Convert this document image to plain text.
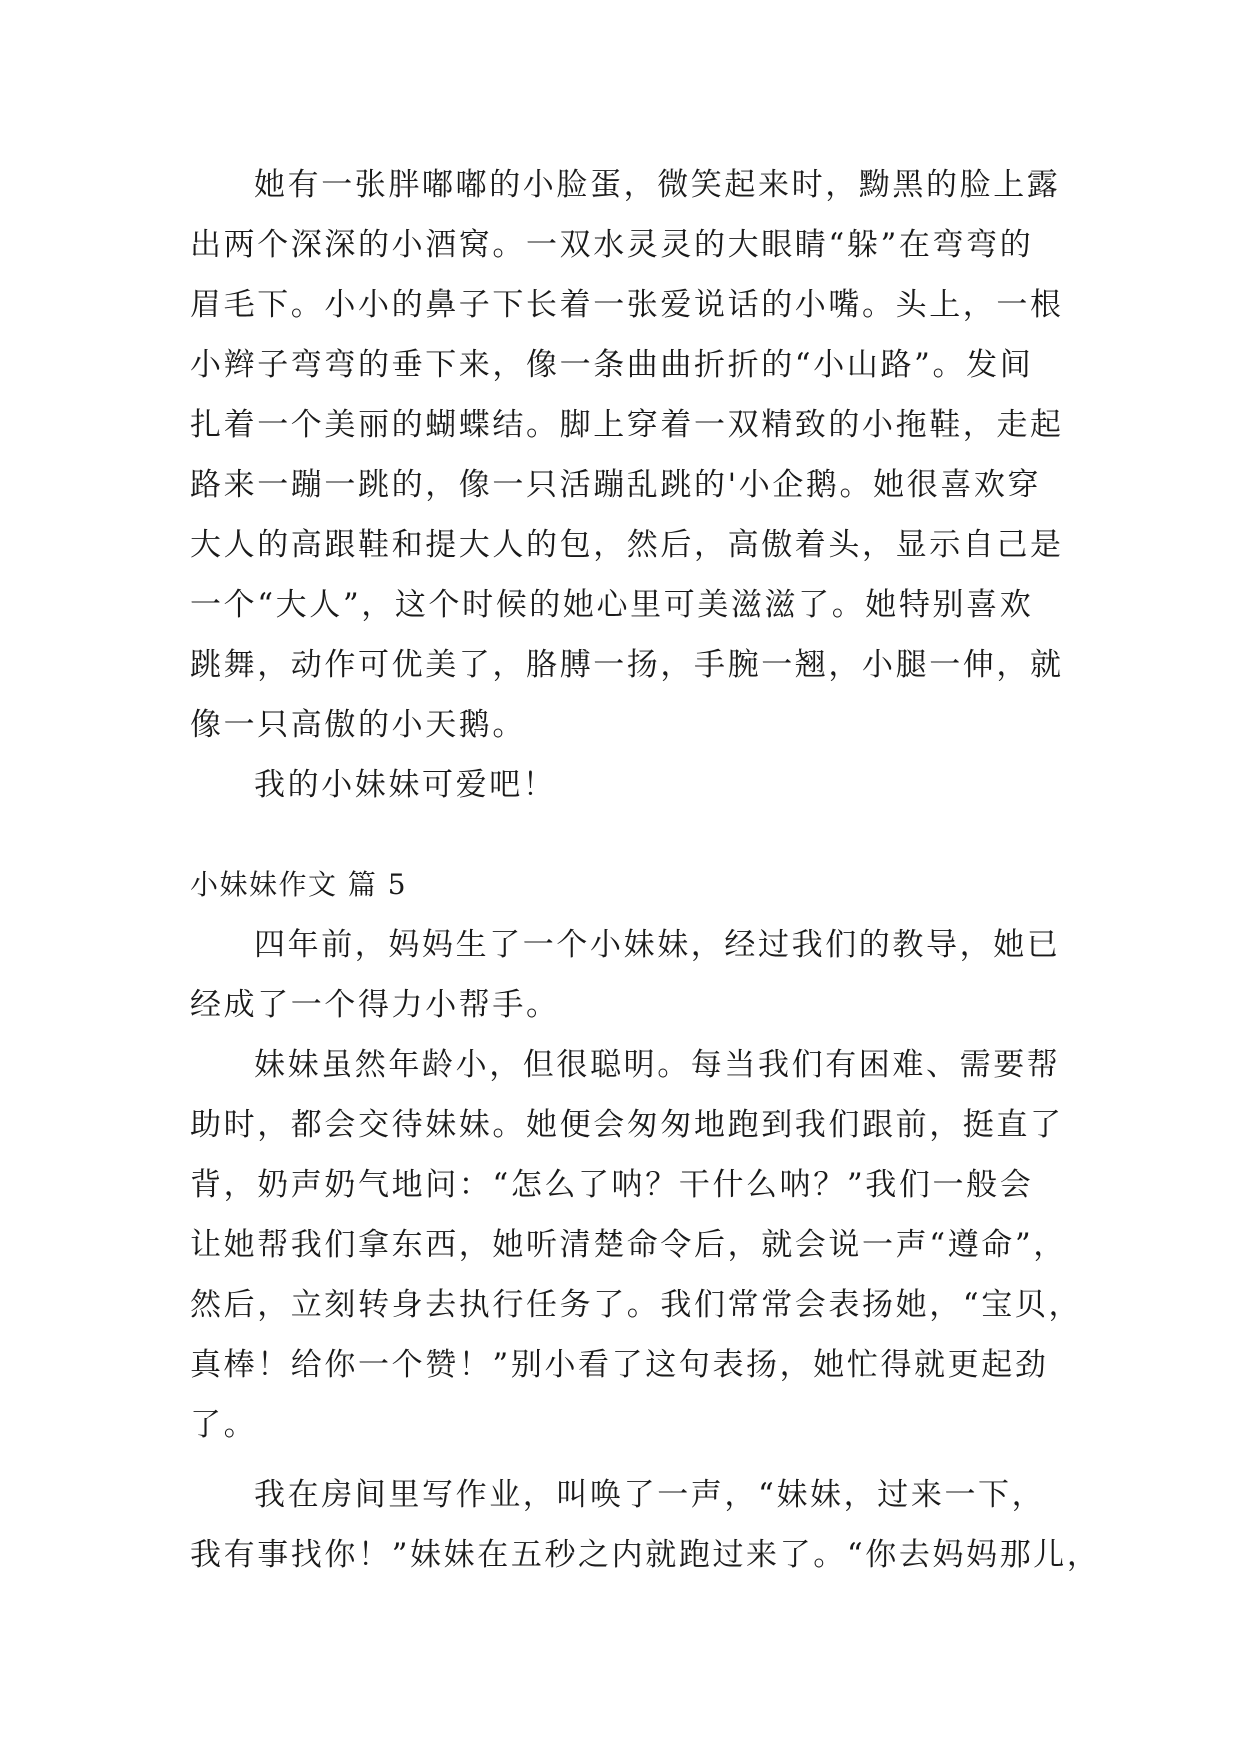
她有一张胖嘟嘟的小脸蛋，微笑起来时，黝黑的脸上露
出两个深深的小酒窝。一双水灵灵的大眼睛“躲”在弯弯的
眉毛下。小小的鼻子下长着一张爱说话的小嘴。头上，一根
小辫子弯弯的垂下来，像一条曲曲折折的“小山路”。发间
扎着一个美丽的蝴蝶结。脚上穿着一双精致的小拖鞋，走起
路来一蹦一跳的，像一只活蹦乱跳的'小企鹅。她很喜欢穿
大人的高跟鞋和提大人的包，然后，高傲着头，显示自己是
一个“大人”，这个时候的她心里可美滋滋了。她特别喜欢
跳舞，动作可优美了，胳膊一扬，手腕一翘，小腿一伸，就
像一只高傲的小天鹅。
我的小妹妹可爱吧！
小妹妹作文 篇 5
四年前，妈妈生了一个小妹妹，经过我们的教导，她已
经成了一个得力小帮手。
妹妹虽然年龄小，但很聪明。每当我们有困难、需要帮
助时，都会交待妹妹。她便会匆匆地跑到我们跟前，挺直了
背，奶声奶气地问：“怎么了呐？干什么呐？”我们一般会
让她帮我们拿东西，她听清楚命令后，就会说一声“遵命”，
然后，立刻转身去执行任务了。我们常常会表扬她，“宝贝，
真棒！给你一个赞！”别小看了这句表扬，她忙得就更起劲
了。
我在房间里写作业，叫唤了一声，“妹妹，过来一下，
我有事找你！”妹妹在五秒之内就跑过来了。“你去妈妈那儿，
